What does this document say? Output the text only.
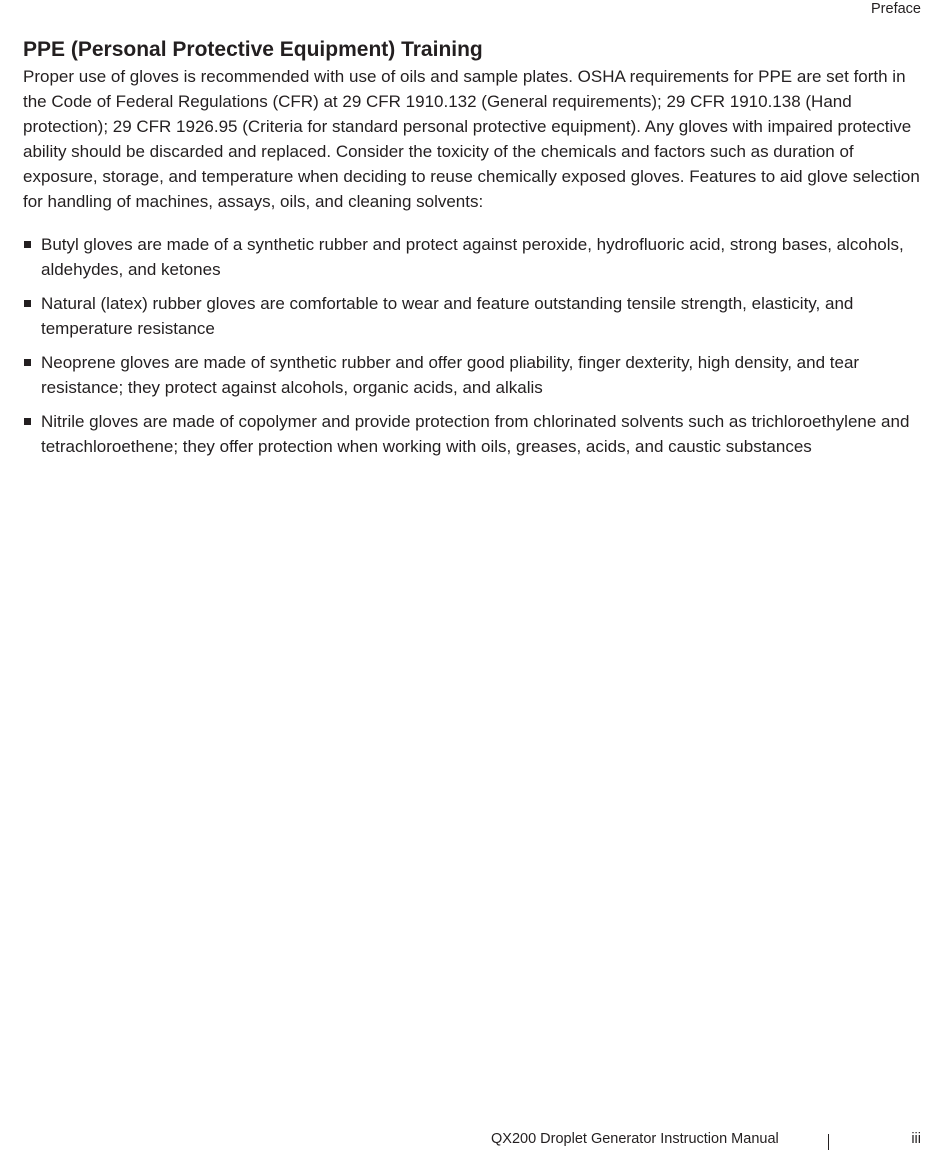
Preface
PPE (Personal Protective Equipment) Training

Proper use of gloves is recommended with use of oils and sample plates. OSHA requirements for PPE are set forth in the Code of Federal Regulations (CFR) at 29 CFR 1910.132 (General requirements); 29 CFR 1910.138 (Hand protection); 29 CFR 1926.95 (Criteria for standard personal protective equipment). Any gloves with impaired protective ability should be discarded and replaced. Consider the toxicity of the chemicals and factors such as duration of exposure, storage, and temperature when deciding to reuse chemically exposed gloves. Features to aid glove selection for handling of machines, assays, oils, and cleaning solvents:

Butyl gloves are made of a synthetic rubber and protect against peroxide, hydrofluoric acid, strong bases, alcohols, aldehydes, and ketones
Natural (latex) rubber gloves are comfortable to wear and feature outstanding tensile strength, elasticity, and temperature resistance
Neoprene gloves are made of synthetic rubber and offer good pliability, finger dexterity, high density, and tear resistance; they protect against alcohols, organic acids, and alkalis
Nitrile gloves are made of copolymer and provide protection from chlorinated solvents such as trichloroethylene and tetrachloroethene; they offer protection when working with oils, greases, acids, and caustic substances
QX200 Droplet Generator Instruction Manual	iii
